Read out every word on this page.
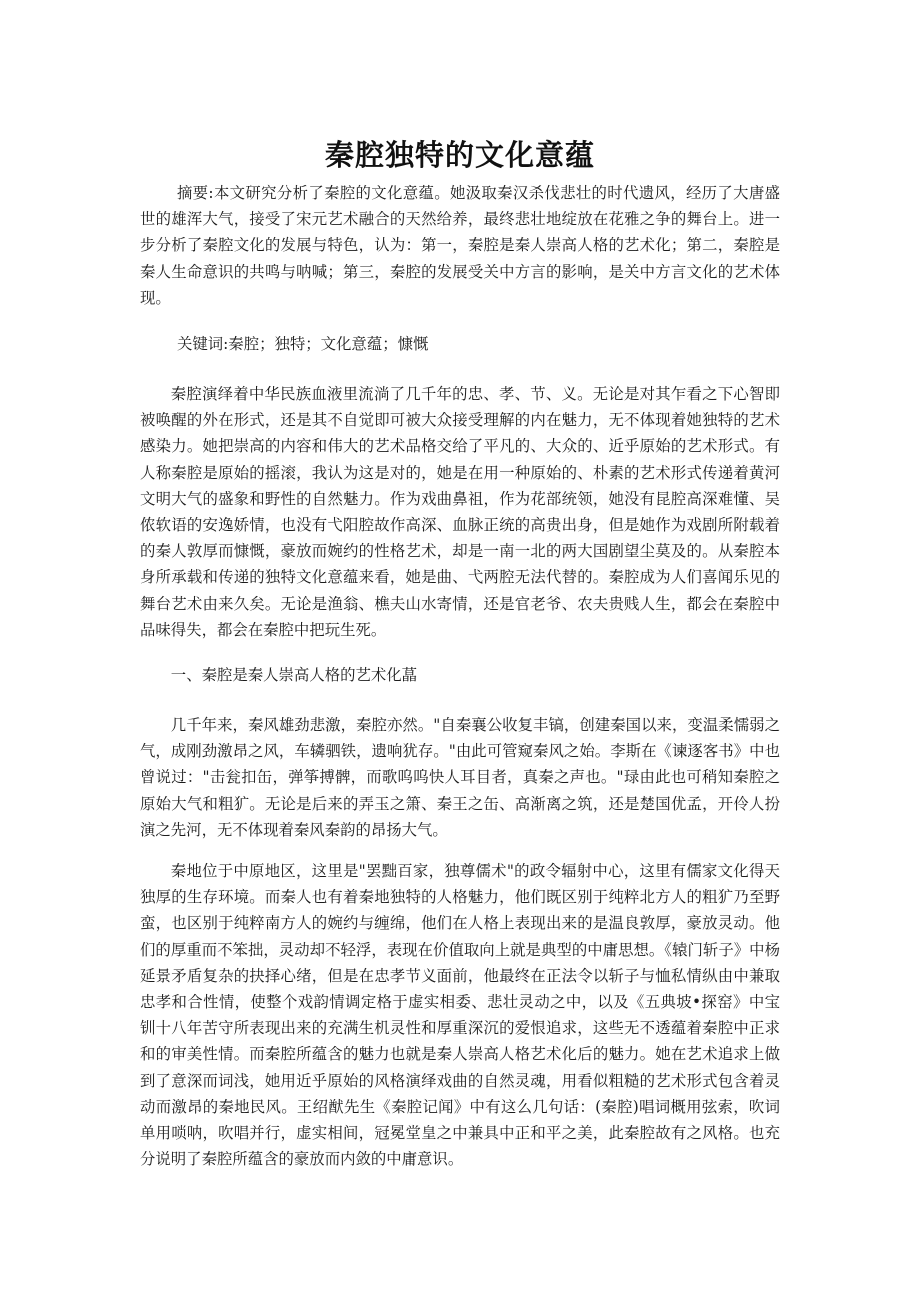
秦腔独特的文化意蕴

摘要:本文研究分析了秦腔的文化意蕴。她汲取秦汉杀伐悲壮的时代遗风，经历了大唐盛世的雄浑大气，接受了宋元艺术融合的天然给养，最终悲壮地绽放在花雅之争的舞台上。进一步分析了秦腔文化的发展与特色，认为：第一，秦腔是秦人崇高人格的艺术化；第二，秦腔是秦人生命意识的共鸣与呐喊；第三，秦腔的发展受关中方言的影响，是关中方言文化的艺术体现。

关键词:秦腔；独特；文化意蕴；慷慨

秦腔演绎着中华民族血液里流淌了几千年的忠、孝、节、义。无论是对其乍看之下心智即被唤醒的外在形式，还是其不自觉即可被大众接受理解的内在魅力，无不体现着她独特的艺术感染力。她把崇高的内容和伟大的艺术品格交给了平凡的、大众的、近乎原始的艺术形式。有人称秦腔是原始的摇滚，我认为这是对的，她是在用一种原始的、朴素的艺术形式传递着黄河文明大气的盛象和野性的自然魅力。作为戏曲鼻祖，作为花部统领，她没有昆腔高深难懂、吴侬软语的安逸娇情，也没有弋阳腔故作高深、血脉正统的高贵出身，但是她作为戏剧所附载着的秦人敦厚而慷慨，豪放而婉约的性格艺术，却是一南一北的两大国剧望尘莫及的。从秦腔本身所承载和传递的独特文化意蕴来看，她是曲、弋两腔无法代替的。秦腔成为人们喜闻乐见的舞台艺术由来久矣。无论是渔翁、樵夫山水寄情，还是官老爷、农夫贵贱人生，都会在秦腔中品味得失，都会在秦腔中把玩生死。

一、秦腔是秦人崇高人格的艺术化蕌

几千年来，秦风雄劲悲激，秦腔亦然。"自秦襄公收复丰镐，创建秦国以来，变温柔懦弱之气，成刚劲激昂之风，车辚驷铁，遗响犹存。"由此可管窥秦风之始。李斯在《谏逐客书》中也曾说过："击瓮扣缶，弹筝搏髀，而歌呜呜快人耳目者，真秦之声也。"琭由此也可稍知秦腔之原始大气和粗犷。无论是后来的弄玉之箫、秦王之缶、高渐离之筑，还是楚国优孟，开伶人扮演之先河，无不体现着秦风秦韵的昂扬大气。

秦地位于中原地区，这里是"罢黜百家，独尊儒术"的政令辐射中心，这里有儒家文化得天独厚的生存环境。而秦人也有着秦地独特的人格魅力，他们既区别于纯粹北方人的粗犷乃至野蛮，也区别于纯粹南方人的婉约与缠绵，他们在人格上表现出来的是温良敦厚，豪放灵动。他们的厚重而不笨拙，灵动却不轻浮，表现在价值取向上就是典型的中庸思想。《辕门斩子》中杨延景矛盾复杂的抉择心绪，但是在忠孝节义面前，他最终在正法令以斩子与恤私情纵由中兼取忠孝和合性情，使整个戏韵情调定格于虚实相委、悲壮灵动之中，以及《五典坡•探窑》中宝钏十八年苦守所表现出来的充满生机灵性和厚重深沉的爱恨追求，这些无不透蕴着秦腔中正求和的审美性情。而秦腔所蕴含的魅力也就是秦人崇高人格艺术化后的魅力。她在艺术追求上做到了意深而词浅，她用近乎原始的风格演绎戏曲的自然灵魂，用看似粗糙的艺术形式包含着灵动而激昂的秦地民风。王绍猷先生《秦腔记闻》中有这么几句话：(秦腔)唱词概用弦索，吹词单用唢呐，吹唱并行，虚实相间，冠冕堂皇之中兼具中正和平之美，此秦腔故有之风格。也充分说明了秦腔所蕴含的豪放而内敛的中庸意识。
